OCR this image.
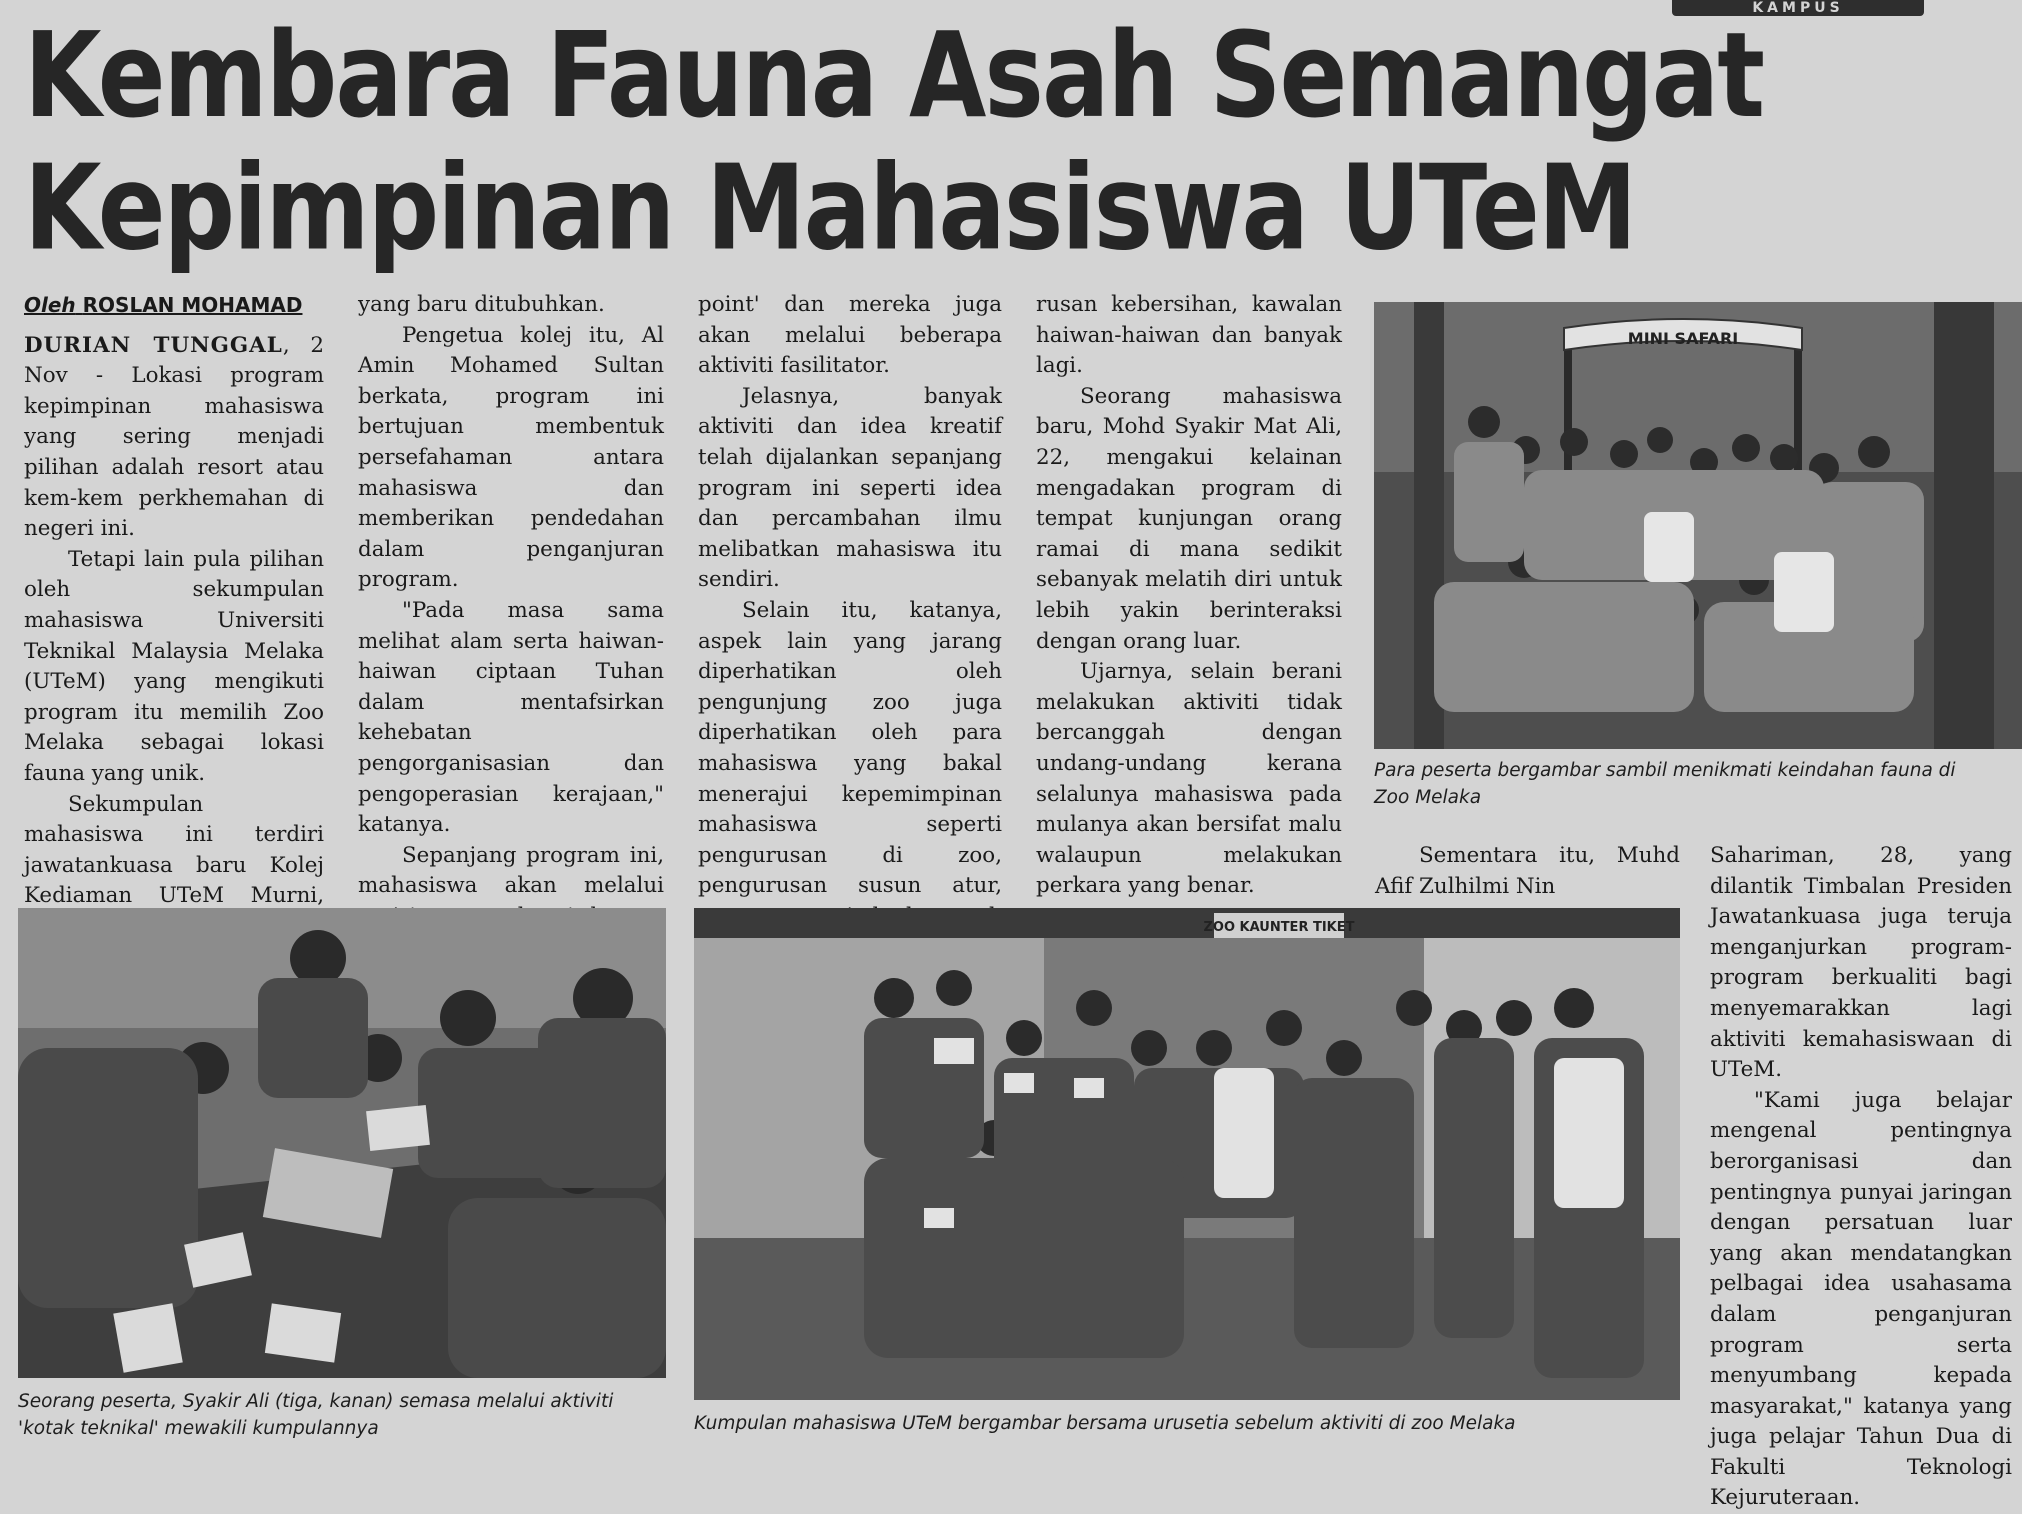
KAMPUS
Kembara Fauna Asah Semangat
Kepimpinan Mahasiswa UTeM

Oleh ROSLAN MOHAMAD

DURIAN TUNGGAL, 2 Nov - Lokasi program kepimpinan mahasiswa yang sering menjadi pilihan adalah resort atau kem-kem perkhemahan di negeri ini.

Tetapi lain pula pilihan oleh sekumpulan mahasiswa Universiti Teknikal Malaysia Melaka (UTeM) yang mengikuti program itu memilih Zoo Melaka sebagai lokasi fauna yang unik.

Sekumpulan mahasiswa ini terdiri jawatankuasa baru Kolej Kediaman UTeM Murni,

yang baru ditubuhkan.

Pengetua kolej itu, Al Amin Mohamed Sultan berkata, program ini bertujuan membentuk persefahaman antara mahasiswa dan memberikan pendedahan dalam penganjuran program.

"Pada masa sama melihat alam serta haiwan-haiwan ciptaan Tuhan dalam mentafsirkan kehebatan pengorganisasian dan pengoperasian kerajaan," katanya.

Sepanjang program ini, mahasiswa akan melalui

point' dan mereka juga akan melalui beberapa aktiviti fasilitator.

Jelasnya, banyak aktiviti dan idea kreatif telah dijalankan sepanjang program ini seperti idea dan percambahan ilmu melibatkan mahasiswa itu sendiri.

Selain itu, katanya, aspek lain yang jarang diperhatikan oleh pengunjung zoo juga diperhatikan oleh para mahasiswa yang bakal menerajui kepemimpinan mahasiswa seperti pengurusan di zoo, pengurusan susun atur,

rusan kebersihan, kawalan haiwan-haiwan dan banyak lagi.

Seorang mahasiswa baru, Mohd Syakir Mat Ali, 22, mengakui kelainan mengadakan program di tempat kunjungan orang ramai di mana sedikit sebanyak melatih diri untuk lebih yakin berinteraksi dengan orang luar.

Ujarnya, selain berani melakukan aktiviti tidak bercanggah dengan undang-undang kerana selalunya mahasiswa pada mulanya akan bersifat malu walaupun melakukan perkara yang benar.

Sementara itu, Muhd Afif Zulhilmi Nin

Sahariman, 28, yang dilantik Timbalan Presiden Jawatankuasa juga teruja menganjurkan program-program berkualiti bagi menyemarakkan lagi aktiviti kemahasiswaan di UTeM.

"Kami juga belajar mengenal pentingnya berorganisasi dan pentingnya punyai jaringan dengan persatuan luar yang akan mendatangkan pelbagai idea usahasama dalam penganjuran program serta menyumbang kepada masyarakat," katanya yang juga pelajar Tahun Dua di Fakulti Teknologi Kejuruteraan.

MINI SAFARI
Para peserta bergambar sambil menikmati keindahan fauna di Zoo Melaka
Seorang peserta, Syakir Ali (tiga, kanan) semasa melalui aktiviti 'kotak teknikal' mewakili kumpulannya
ZOO KAUNTER TIKET
Kumpulan mahasiswa UTeM bergambar bersama urusetia sebelum aktiviti di zoo Melaka
